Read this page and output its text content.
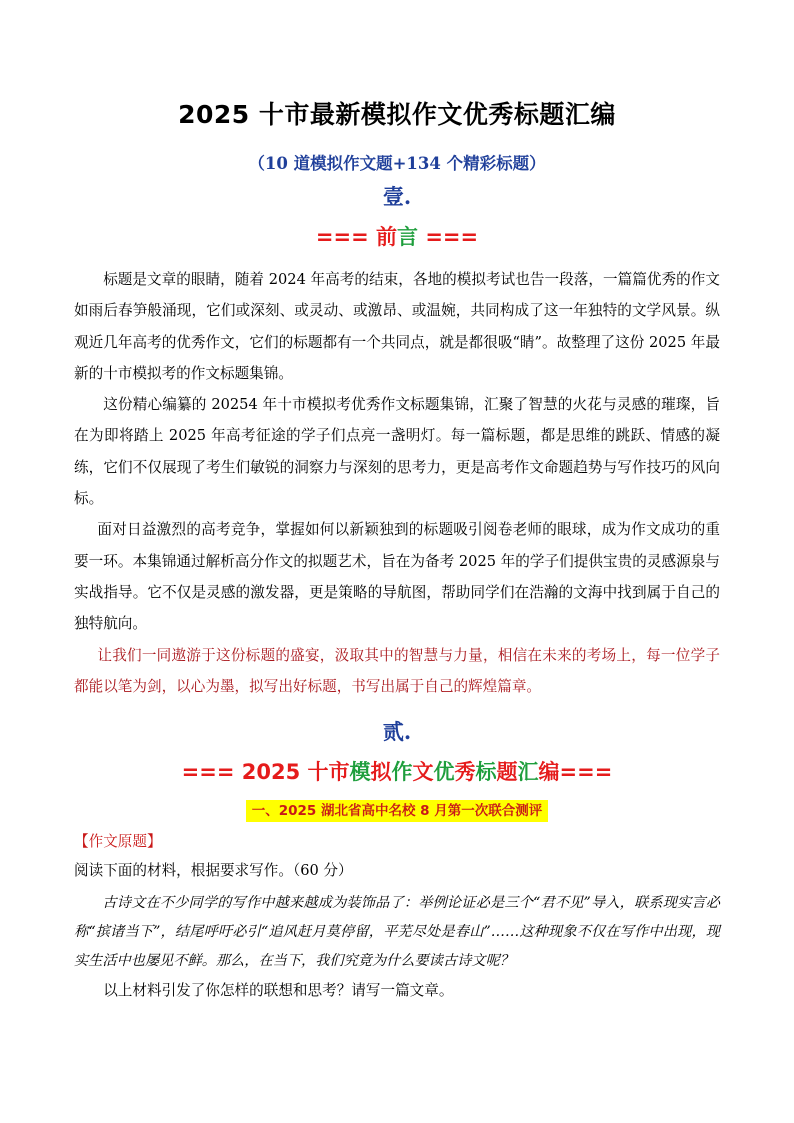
2025 十市最新模拟作文优秀标题汇编
（10 道模拟作文题+134 个精彩标题）
壹.
=== 前言 ===

标题是文章的眼睛，随着 2024 年高考的结束，各地的模拟考试也告一段落，一篇篇优秀的作文如雨后春笋般涌现，它们或深刻、或灵动、或激昂、或温婉，共同构成了这一年独特的文学风景。纵观近几年高考的优秀作文，它们的标题都有一个共同点，就是都很吸“睛”。故整理了这份 2025 年最新的十市模拟考的作文标题集锦。

这份精心编纂的 20254 年十市模拟考优秀作文标题集锦，汇聚了智慧的火花与灵感的璀璨，旨在为即将踏上 2025 年高考征途的学子们点亮一盏明灯。每一篇标题，都是思维的跳跃、情感的凝练，它们不仅展现了考生们敏锐的洞察力与深刻的思考力，更是高考作文命题趋势与写作技巧的风向标。

面对日益激烈的高考竞争，掌握如何以新颖独到的标题吸引阅卷老师的眼球，成为作文成功的重要一环。本集锦通过解析高分作文的拟题艺术，旨在为备考 2025 年的学子们提供宝贵的灵感源泉与实战指导。它不仅是灵感的激发器，更是策略的导航图，帮助同学们在浩瀚的文海中找到属于自己的独特航向。

让我们一同遨游于这份标题的盛宴，汲取其中的智慧与力量，相信在未来的考场上，每一位学子都能以笔为剑，以心为墨，拟写出好标题，书写出属于自己的辉煌篇章。

贰.
=== 2025 十市模拟作文优秀标题汇编===
一、2025 湖北省高中名校 8 月第一次联合测评
【作文原题】
阅读下面的材料，根据要求写作。（60 分）

古诗文在不少同学的写作中越来越成为装饰品了：举例论证必是三个“君不见”导入，联系现实言必称“摈诸当下”，结尾呼吁必引“追风赶月莫停留，平芜尽处是春山”……这种现象不仅在写作中出现，现实生活中也屡见不鲜。那么，在当下，我们究竟为什么要读古诗文呢？

以上材料引发了你怎样的联想和思考？请写一篇文章。
